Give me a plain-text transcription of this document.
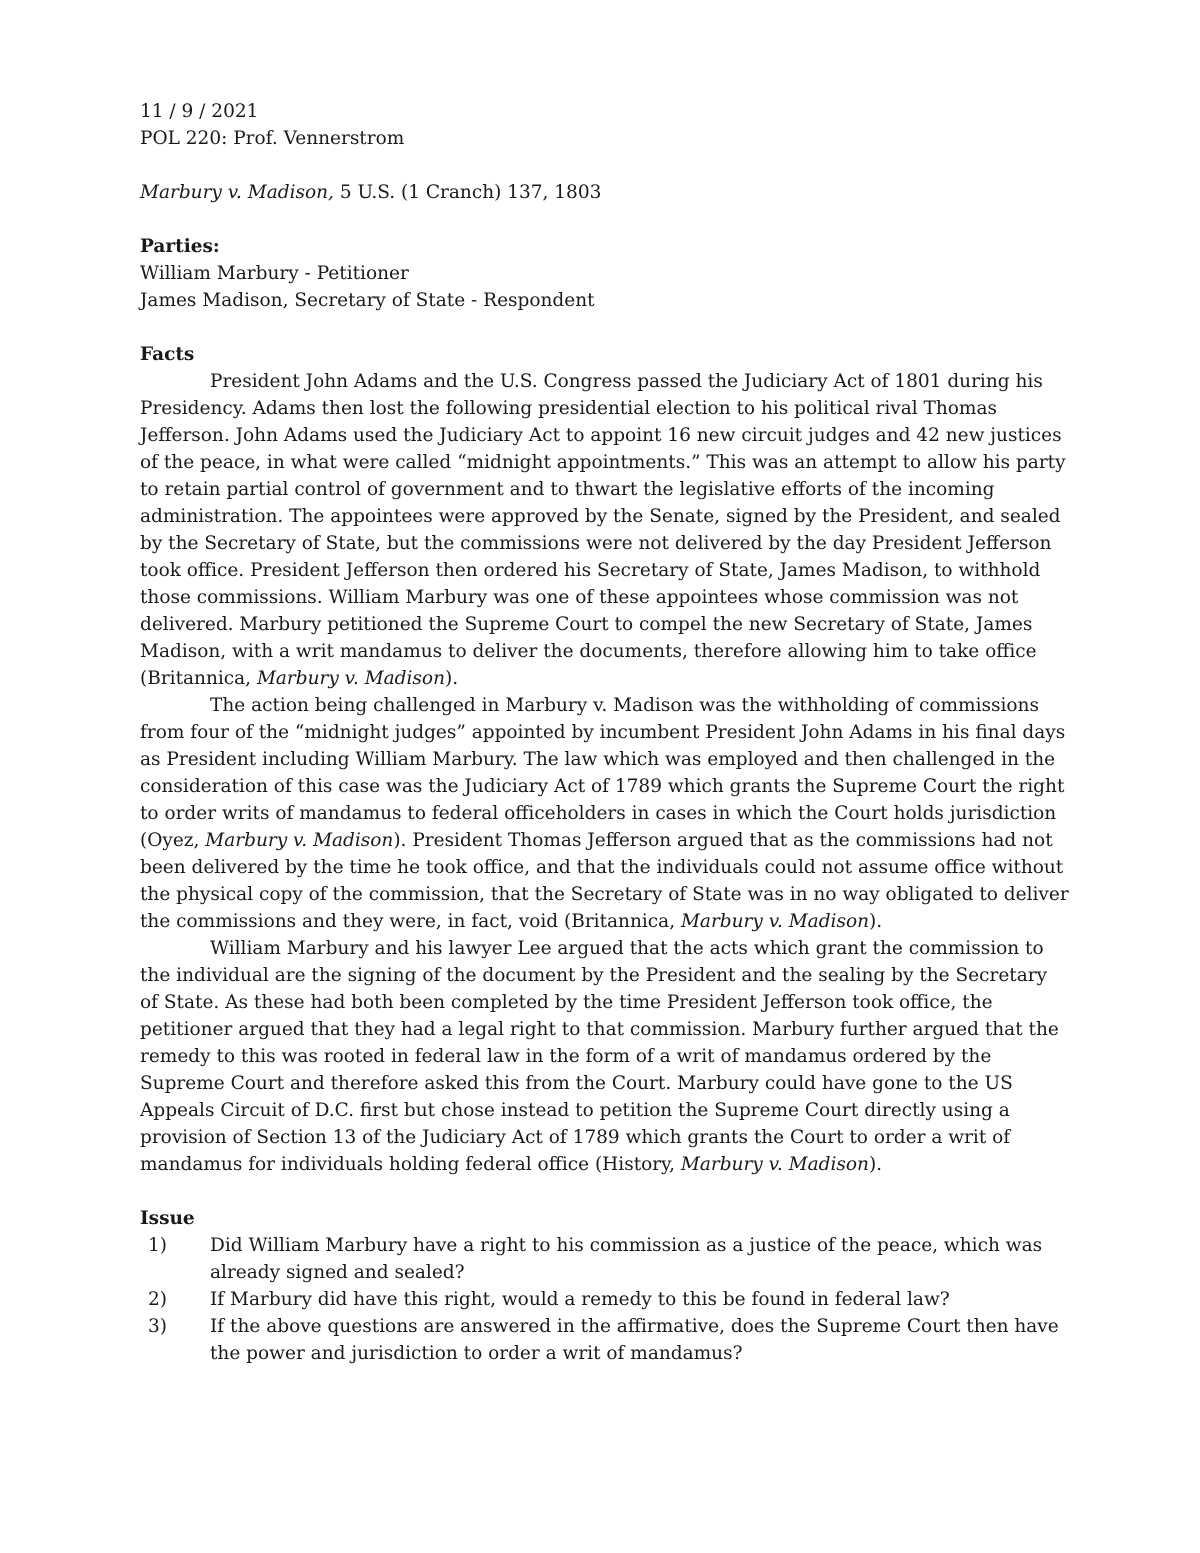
11 / 9 / 2021
POL 220: Prof. Vennerstrom
Marbury v. Madison, 5 U.S. (1 Cranch) 137, 1803
Parties:
William Marbury - Petitioner
James Madison, Secretary of State - Respondent
Facts

President John Adams and the U.S. Congress passed the Judiciary Act of 1801 during his Presidency. Adams then lost the following presidential election to his political rival Thomas Jefferson. John Adams used the Judiciary Act to appoint 16 new circuit judges and 42 new justices of the peace, in what were called “midnight appointments.” This was an attempt to allow his party to retain partial control of government and to thwart the legislative efforts of the incoming administration. The appointees were approved by the Senate, signed by the President, and sealed by the Secretary of State, but the commissions were not delivered by the day President Jefferson took office. President Jefferson then ordered his Secretary of State, James Madison, to withhold those commissions. William Marbury was one of these appointees whose commission was not delivered. Marbury petitioned the Supreme Court to compel the new Secretary of State, James Madison, with a writ mandamus to deliver the documents, therefore allowing him to take office (Britannica, Marbury v. Madison).

The action being challenged in Marbury v. Madison was the withholding of commissions from four of the “midnight judges” appointed by incumbent President John Adams in his final days as President including William Marbury. The law which was employed and then challenged in the consideration of this case was the Judiciary Act of 1789 which grants the Supreme Court the right to order writs of mandamus to federal officeholders in cases in which the Court holds jurisdiction (Oyez, Marbury v. Madison). President Thomas Jefferson argued that as the commissions had not been delivered by the time he took office, and that the individuals could not assume office without the physical copy of the commission, that the Secretary of State was in no way obligated to deliver the commissions and they were, in fact, void (Britannica, Marbury v. Madison).

William Marbury and his lawyer Lee argued that the acts which grant the commission to the individual are the signing of the document by the President and the sealing by the Secretary of State. As these had both been completed by the time President Jefferson took office, the petitioner argued that they had a legal right to that commission. Marbury further argued that the remedy to this was rooted in federal law in the form of a writ of mandamus ordered by the Supreme Court and therefore asked this from the Court. Marbury could have gone to the US Appeals Circuit of D.C. first but chose instead to petition the Supreme Court directly using a provision of Section 13 of the Judiciary Act of 1789 which grants the Court to order a writ of mandamus for individuals holding federal office (History, Marbury v. Madison).

Issue
1) Did William Marbury have a right to his commission as a justice of the peace, which was already signed and sealed?
2) If Marbury did have this right, would a remedy to this be found in federal law?
3) If the above questions are answered in the affirmative, does the Supreme Court then have the power and jurisdiction to order a writ of mandamus?
